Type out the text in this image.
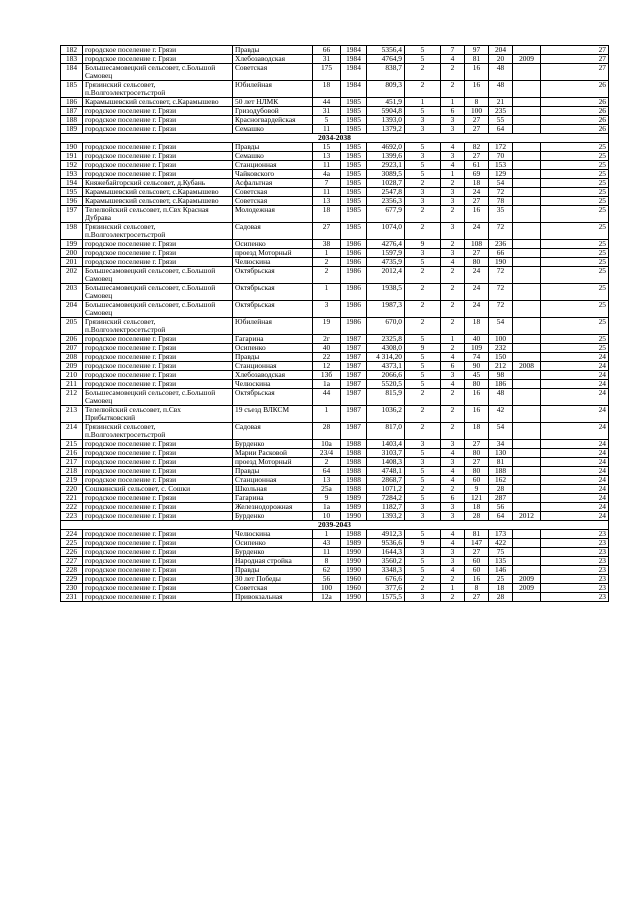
182	городское поселение г. Грязи	Правды	66	1984	5356,4	5	7	97	204		27
183	городское поселение г. Грязи	Хлебозаводская	31	1984	4764,9	5	4	81	20	2009	27
184	Большесамовецкий сельсовет, с.Большой Самовец	Советская	175	1984	838,7	2	2	16	48		27
185	Грязинский сельсовет, п.Волгоэлектросетьстрой	Юбилейная	18	1984	809,3	2	2	16	48		26
186	Карамышевский сельсовет, с.Карамышево	50 лет НЛМК	44	1985	451,9	1	1	8	21		26
187	городское поселение г. Грязи	Гризодубовой	31	1985	5904,8	5	6	100	235		26
188	городское поселение г. Грязи	Красногвардейская	5	1985	1393,0	3	3	27	55		26
189	городское поселение г. Грязи	Семашко	11	1985	1379,2	3	3	27	64		26
2034-2038											
190	городское поселение г. Грязи	Правды	15	1985	4692,0	5	4	82	172		25
191	городское поселение г. Грязи	Семашко	13	1985	1399,6	3	3	27	70		25
192	городское поселение г. Грязи	Станционная	11	1985	2923,1	5	4	61	153		25
193	городское поселение г. Грязи	Чайковского	4а	1985	3089,5	5	1	69	129		25
194	Княжебайгорский сельсовет, д.Кубань	Асфальтная	7	1985	1028,7	2	2	18	54		25
195	Карамышевский сельсовет, с.Карамышево	Советская	11	1985	2547,8	3	3	24	72		25
196	Карамышевский сельсовет, с.Карамышево	Советская	13	1985	2356,3	3	3	27	78		25
197	Телелюйский сельсовет, п.Свх Красная Дубрава	Молодежная	18	1985	677,9	2	2	16	35		25
198	Грязинский сельсовет, п.Волгоэлектросетьстрой	Садовая	27	1985	1074,0	2	3	24	72		25
199	городское поселение г. Грязи	Осипенко	38	1986	4276,4	9	2	108	236		25
200	городское поселение г. Грязи	проезд Моторный	1	1986	1597,9	3	3	27	66		25
201	городское поселение г. Грязи	Челюскина	2	1986	4735,9	5	4	80	190		25
202	Большесамовецкий сельсовет, с.Большой Самовец	Октябрьская	2	1986	2012,4	2	2	24	72		25
203	Большесамовецкий сельсовет, с.Большой Самовец	Октябрьская	1	1986	1938,5	2	2	24	72		25
204	Большесамовецкий сельсовет, с.Большой Самовец	Октябрьская	3	1986	1987,3	2	2	24	72		25
205	Грязинский сельсовет, п.Волгоэлектросетьстрой	Юбилейная	19	1986	670,0	2	2	18	54		25
206	городское поселение г. Грязи	Гагарина	2г	1987	2325,8	5	1	40	100		25
207	городское поселение г. Грязи	Осипенко	40	1987	4308,0	9	2	109	232		25
208	городское поселение г. Грязи	Правды	22	1987	4 314,20	5	4	74	150		24
209	городское поселение г. Грязи	Станционная	12	1987	4373,1	5	6	90	212	2008	24
210	городское поселение г. Грязи	Хлебозаводская	13б	1987	2066,6	5	3	45	98		24
211	городское поселение г. Грязи	Челюскина	1а	1987	5520,5	5	4	80	186		24
212	Большесамовецкий сельсовет, с.Большой Самовец	Октябрьская	44	1987	815,9	2	2	16	48		24
213	Телелюйский сельсовет, п.Свх Прибытковский	19 съезд ВЛКСМ	1	1987	1036,2	2	2	16	42		24
214	Грязинский сельсовет, п.Волгоэлектросетьстрой	Садовая	28	1987	817,0	2	2	18	54		24
215	городское поселение г. Грязи	Бурденко	10а	1988	1403,4	3	3	27	34		24
216	городское поселение г. Грязи	Марии Расковой	23/4	1988	3103,7	5	4	80	130		24
217	городское поселение г. Грязи	проезд Моторный	2	1988	1408,3	3	3	27	81		24
218	городское поселение г. Грязи	Правды	64	1988	4748,1	5	4	80	188		24
219	городское поселение г. Грязи	Станционная	13	1988	2868,7	5	4	60	162		24
220	Сошкинский сельсовет, с. Сошки	Школьная	25а	1988	1071,2	2	2	9	28		24
221	городское поселение г. Грязи	Гагарина	9	1989	7284,2	5	6	121	287		24
222	городское поселение г. Грязи	Железнодорожная	1а	1989	1182,7	3	3	18	56		24
223	городское поселение г. Грязи	Бурденко	10	1990	1393,2	3	3	28	64	2012	24
2039-2043											
224	городское поселение г. Грязи	Челюскина	1	1988	4912,3	5	4	81	173		23
225	городское поселение г. Грязи	Осипенко	43	1989	9536,6	9	4	147	422		23
226	городское поселение г. Грязи	Бурденко	11	1990	1644,3	3	3	27	75		23
227	городское поселение г. Грязи	Народная стройка	8	1990	3560,2	5	3	60	135		23
228	городское поселение г. Грязи	Правды	62	1990	3348,3	5	4	60	146		23
229	городское поселение г. Грязи	30 лет Победы	56	1960	676,6	2	2	16	25	2009	23
230	городское поселение г. Грязи	Советская	100	1960	377,6	2	1	8	18	2009	23
231	городское поселение г. Грязи	Привокзальная	12а	1990	1575,5	3	2	27	28		23
